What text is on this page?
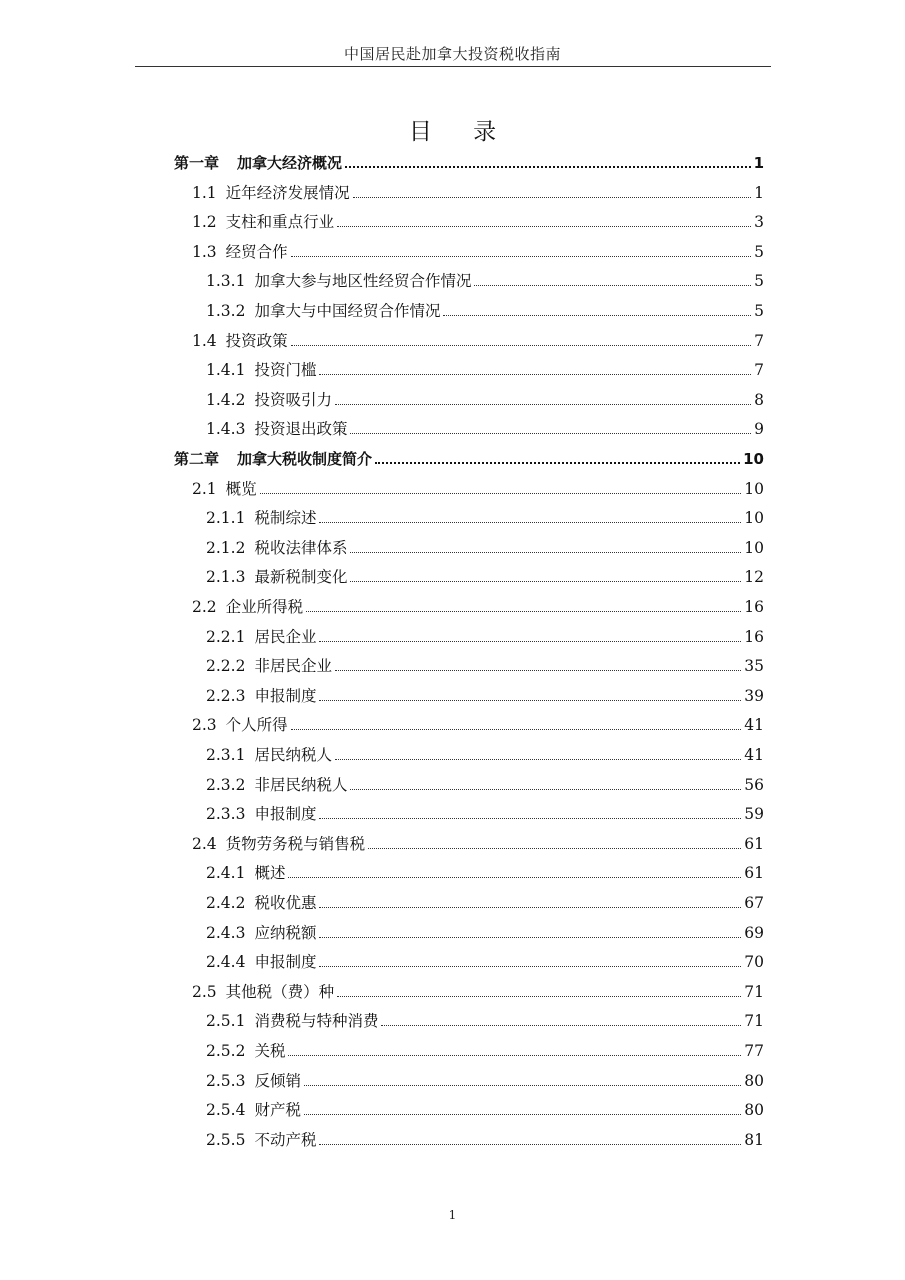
中国居民赴加拿大投资税收指南
目 录
第一章 加拿大经济概况	1
1.1 近年经济发展情况	1
1.2 支柱和重点行业	3
1.3 经贸合作	5
1.3.1 加拿大参与地区性经贸合作情况	5
1.3.2 加拿大与中国经贸合作情况	5
1.4 投资政策	7
1.4.1 投资门槛	7
1.4.2 投资吸引力	8
1.4.3 投资退出政策	9
第二章 加拿大税收制度简介	10
2.1 概览	10
2.1.1 税制综述	10
2.1.2 税收法律体系	10
2.1.3 最新税制变化	12
2.2 企业所得税	16
2.2.1 居民企业	16
2.2.2 非居民企业	35
2.2.3 申报制度	39
2.3 个人所得	41
2.3.1 居民纳税人	41
2.3.2 非居民纳税人	56
2.3.3 申报制度	59
2.4 货物劳务税与销售税	61
2.4.1 概述	61
2.4.2 税收优惠	67
2.4.3 应纳税额	69
2.4.4 申报制度	70
2.5 其他税（费）种	71
2.5.1 消费税与特种消费	71
2.5.2 关税	77
2.5.3 反倾销	80
2.5.4 财产税	80
2.5.5 不动产税	81
1
